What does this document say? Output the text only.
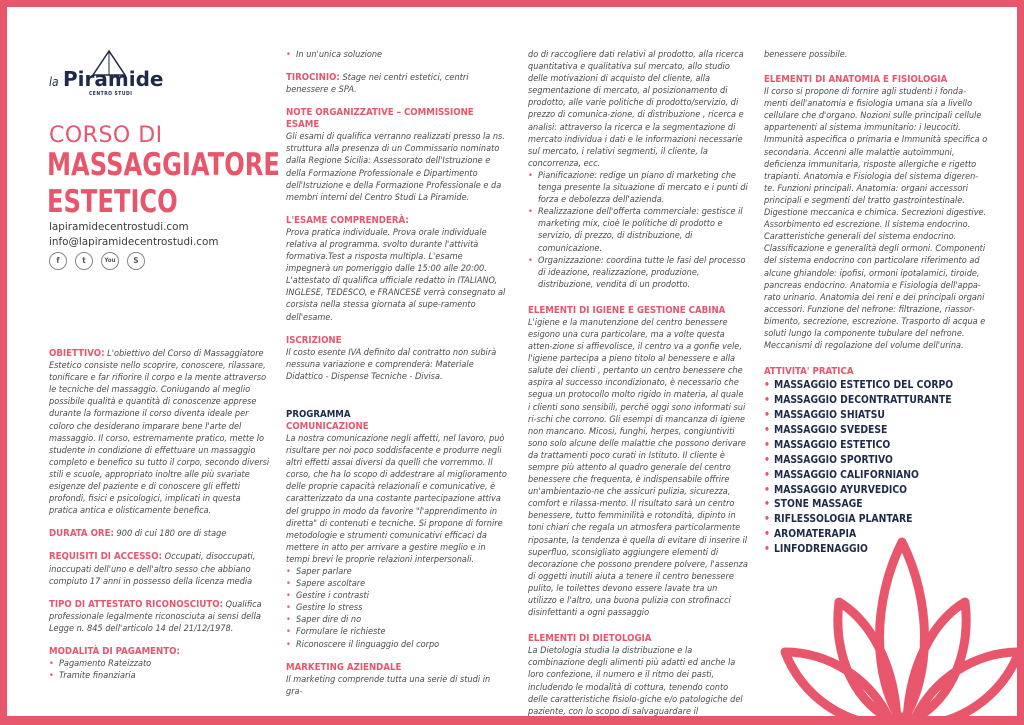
la Piramide
CENTRO STUDI
CORSO DI
MASSAGGIATORE
ESTETICO
lapiramidecentrostudi.com
info@lapiramidecentrostudi.com
f	t	You	S

OBIETTIVO: L'obiettivo del Corso di Massaggiatore Estetico consiste nello scoprire, conoscere, rilassare, tonificare e far rifiorire il corpo e la mente attraverso le tecniche del massaggio. Coniugando al meglio possibile qualità e quantità di conoscenze apprese durante la formazione il corso diventa ideale per coloro che desiderano imparare bene l'arte del massaggio. Il corso, estremamente pratico, mette lo studente in condizione di effettuare un massaggio completo e benefico su tutto il corpo, secondo diversi stili e scuole, appropriato inoltre alle più svariate esigenze del paziente e di conoscere gli effetti profondi, fisici e psicologici, implicati in questa pratica antica e olisticamente benefica.

DURATA ORE: 900 di cui 180 ore di stage

REQUISITI DI ACCESSO: Occupati, disoccupati, inoccupati dell'uno e dell'altro sesso che abbiano compiuto 17 anni in possesso della licenza media

TIPO DI ATTESTATO RICONOSCIUTO: Qualifica professionale legalmente riconosciuta ai sensi della Legge n. 845 dell'articolo 14 del 21/12/1978.

MODALITÀ DI PAGAMENTO:

• Pagamento Rateizzato
• Tramite finanziaria
• In un'unica soluzione

TIROCINIO: Stage nei centri estetici, centri benessere e SPA.

NOTE ORGANIZZATIVE – COMMISSIONE ESAME

Gli esami di qualifica verranno realizzati presso la ns. struttura alla presenza di un Commissario nominato dalla Regione Sicilia: Assessorato dell'Istruzione e della Formazione Professionale e Dipartimento dell'Istruzione e della Formazione Professionale e da membri interni del Centro Studi La Piramide.

L'ESAME COMPRENDERÀ:

Prova pratica individuale. Prova orale individuale relativa al programma. svolto durante l'attività formativa.Test a risposta multipla. L'esame impegnerà un pomeriggio dalle 15:00 alle 20:00. L'attestato di qualifica ufficiale redatto in ITALIANO, INGLESE, TEDESCO, e FRANCESE verrà consegnato al corsista nella stessa giornata al supe-ramento dell'esame.

ISCRIZIONE

Il costo esente IVA definito dal contratto non subirà nessuna variazione e comprenderà: Materiale Didattico - Dispense Tecniche - Divisa.

PROGRAMMA

COMUNICAZIONE

La nostra comunicazione negli affetti, nel lavoro, può risultare per noi poco soddisfacente e produrre negli altri effetti assai diversi da quelli che vorremmo. Il corso, che ha lo scopo di addestrare al miglioramento delle proprie capacità relazionali e comunicative, è caratterizzato da una costante partecipazione attiva del gruppo in modo da favorire "l'apprendimento in diretta" di contenuti e tecniche. Si propone di fornire metodologie e strumenti comunicativi efficaci da mettere in atto per arrivare a gestire meglio e in tempi brevi le proprie relazioni interpersonali.

• Saper parlare
• Sapere ascoltare
• Gestire i contrasti
• Gestire lo stress
• Saper dire di no
• Formulare le richieste
• Riconoscere il linguaggio del corpo

MARKETING AZIENDALE

Il marketing comprende tutta una serie di studi in gra-

do di raccogliere dati relativi al prodotto, alla ricerca quantitativa e qualitativa sul mercato, allo studio delle motivazioni di acquisto del cliente, alla segmentazione di mercato, al posizionamento di prodotto, alle varie politiche di prodotto/servizio, di prezzo di comunica-zione, di distribuzione , ricerca e analisi: attraverso la ricerca e la segmentazione di mercato individua i dati e le informazioni necessarie sul mercato, i relativi segmenti, il cliente, la concorrenza, ecc.

• Pianificazione: redige un piano di marketing che tenga presente la situazione di mercato e i punti di forza e debolezza dell'azienda.
• Realizzazione dell'offerta commerciale: gestisce il marketing mix, cioè le politiche di prodotto e servizio, di prezzo, di distribuzione, di comunicazione.
• Organizzazione: coordina tutte le fasi del processo di ideazione, realizzazione, produzione, distribuzione, vendita di un prodotto.

ELEMENTI DI IGIENE E GESTIONE CABINA

L'igiene e la manutenzione del centro benessere esigono una cura particolare, ma a volte questa atten-zione si affievolisce, il centro va a gonfie vele, l'igiene partecipa a pieno titolo al benessere e alla salute dei clienti , pertanto un centro benessere che aspira al successo incondizionato, è necessario che segua un protocollo molto rigido in materia, al quale i clienti sono sensibili, perché oggi sono informati sui ri-schi che corrono. Gli esempi di mancanza di igiene non mancano. Micosi, funghi, herpes, congiuntiviti sono solo alcune delle malattie che possono derivare da trattamenti poco curati in Istituto. Il cliente è sempre più attento al quadro generale del centro benessere che frequenta, è indispensabile offrire un'ambientazio-ne che assicuri pulizia, sicurezza, comfort e rilassa-mento. Il risultato sarà un centro benessere, tutto femminilità e rotondità, dipinto in toni chiari che regala un atmosfera particolarmente riposante, la tendenza è quella di evitare di inserire il superfluo, sconsigliato aggiungere elementi di decorazione che possono prendere polvere, l'assenza di oggetti inutili aiuta a tenere il centro benessere pulito, le toilettes devono essere lavate tra un utilizzo e l'altro, una buona pulizia con strofinacci disinfettanti a ogni passaggio

ELEMENTI DI DIETOLOGIA

La Dietologia studia la distribuzione e la combinazione degli alimenti più adatti ed anche la loro confezione, il numero e il ritmo dei pasti, includendo le modalità di cottura, tenendo conto delle caratteristiche fisiolo-giche e/o patologiche del paziente, con lo scopo di salvaguardare il mantenimento del miglior stato di

benessere possibile.

ELEMENTI DI ANATOMIA E FISIOLOGIA

Il corso si propone di fornire agli studenti i fonda-menti dell'anatomia e fisiologia umana sia a livello cellulare che d'organo. Nozioni sulle principali cellule appartenenti al sistema immunitario: i leucociti. Immunità aspecifica o primaria e Immunità specifica o secondaria. Accenni alle malattie autoimmuni, deficienza immunitaria, risposte allergiche e rigetto trapianti. Anatomia e Fisiologia del sistema digeren-te. Funzioni principali. Anatomia: organi accessori principali e segmenti del tratto gastrointestinale. Digestione meccanica e chimica. Secrezioni digestive. Assorbimento ed escrezione. Il sistema endocrino. Caratteristiche generali del sistema endocrino. Classificazione e generalità degli ormoni. Componenti del sistema endocrino con particolare riferimento ad alcune ghiandole: ipofisi, ormoni ipotalamici, tiroide, pancreas endocrino. Anatomia e Fisiologia dell'appa-rato urinario. Anatomia dei reni e dei principali organi accessori. Funzione del nefrone: filtrazione, riassor-bimento, secrezione, escrezione. Trasporto di acqua e soluti lungo la componente tubulare del nefrone. Meccanismi di regolazione del volume dell'urina.

ATTIVITA' PRATICA

• MASSAGGIO ESTETICO DEL CORPO
• MASSAGGIO DECONTRATTURANTE
• MASSAGGIO SHIATSU
• MASSAGGIO SVEDESE
• MASSAGGIO ESTETICO
• MASSAGGIO SPORTIVO
• MASSAGGIO CALIFORNIANO
• MASSAGGIO AYURVEDICO
• STONE MASSAGE
• RIFLESSOLOGIA PLANTARE
• AROMATERAPIA
• LINFODRENAGGIO
